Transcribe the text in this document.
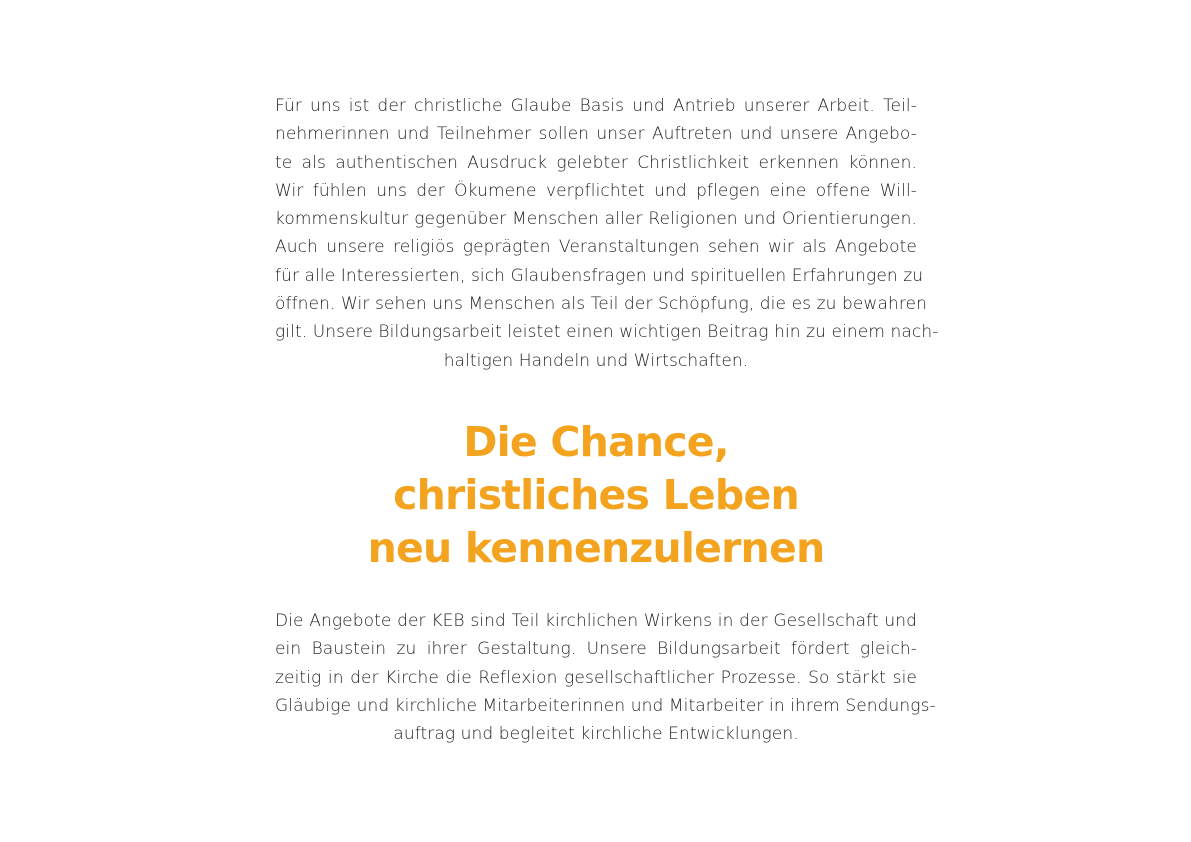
Für uns ist der christliche Glaube Basis und Antrieb unserer Arbeit. Teil-
nehmerinnen und Teilnehmer sollen unser Auftreten und unsere Angebo-
te als authentischen Ausdruck gelebter Christlichkeit erkennen können.
Wir fühlen uns der Ökumene verpflichtet und pflegen eine offene Will-
kommenskultur gegenüber Menschen aller Religionen und Orientierungen.
Auch unsere religiös geprägten Veranstaltungen sehen wir als Angebote
für alle Interessierten, sich Glaubensfragen und spirituellen Erfahrungen zu
öffnen. Wir sehen uns Menschen als Teil der Schöpfung, die es zu bewahren
gilt. Unsere Bildungsarbeit leistet einen wichtigen Beitrag hin zu einem nach-
haltigen Handeln und Wirtschaften.

Die Chance,
christliches Leben
neu kennenzulernen

Die Angebote der KEB sind Teil kirchlichen Wirkens in der Gesellschaft und
ein Baustein zu ihrer Gestaltung. Unsere Bildungsarbeit fördert gleich-
zeitig in der Kirche die Reflexion gesellschaftlicher Prozesse. So stärkt sie
Gläubige und kirchliche Mitarbeiterinnen und Mitarbeiter in ihrem Sendungs-
auftrag und begleitet kirchliche Entwicklungen.
